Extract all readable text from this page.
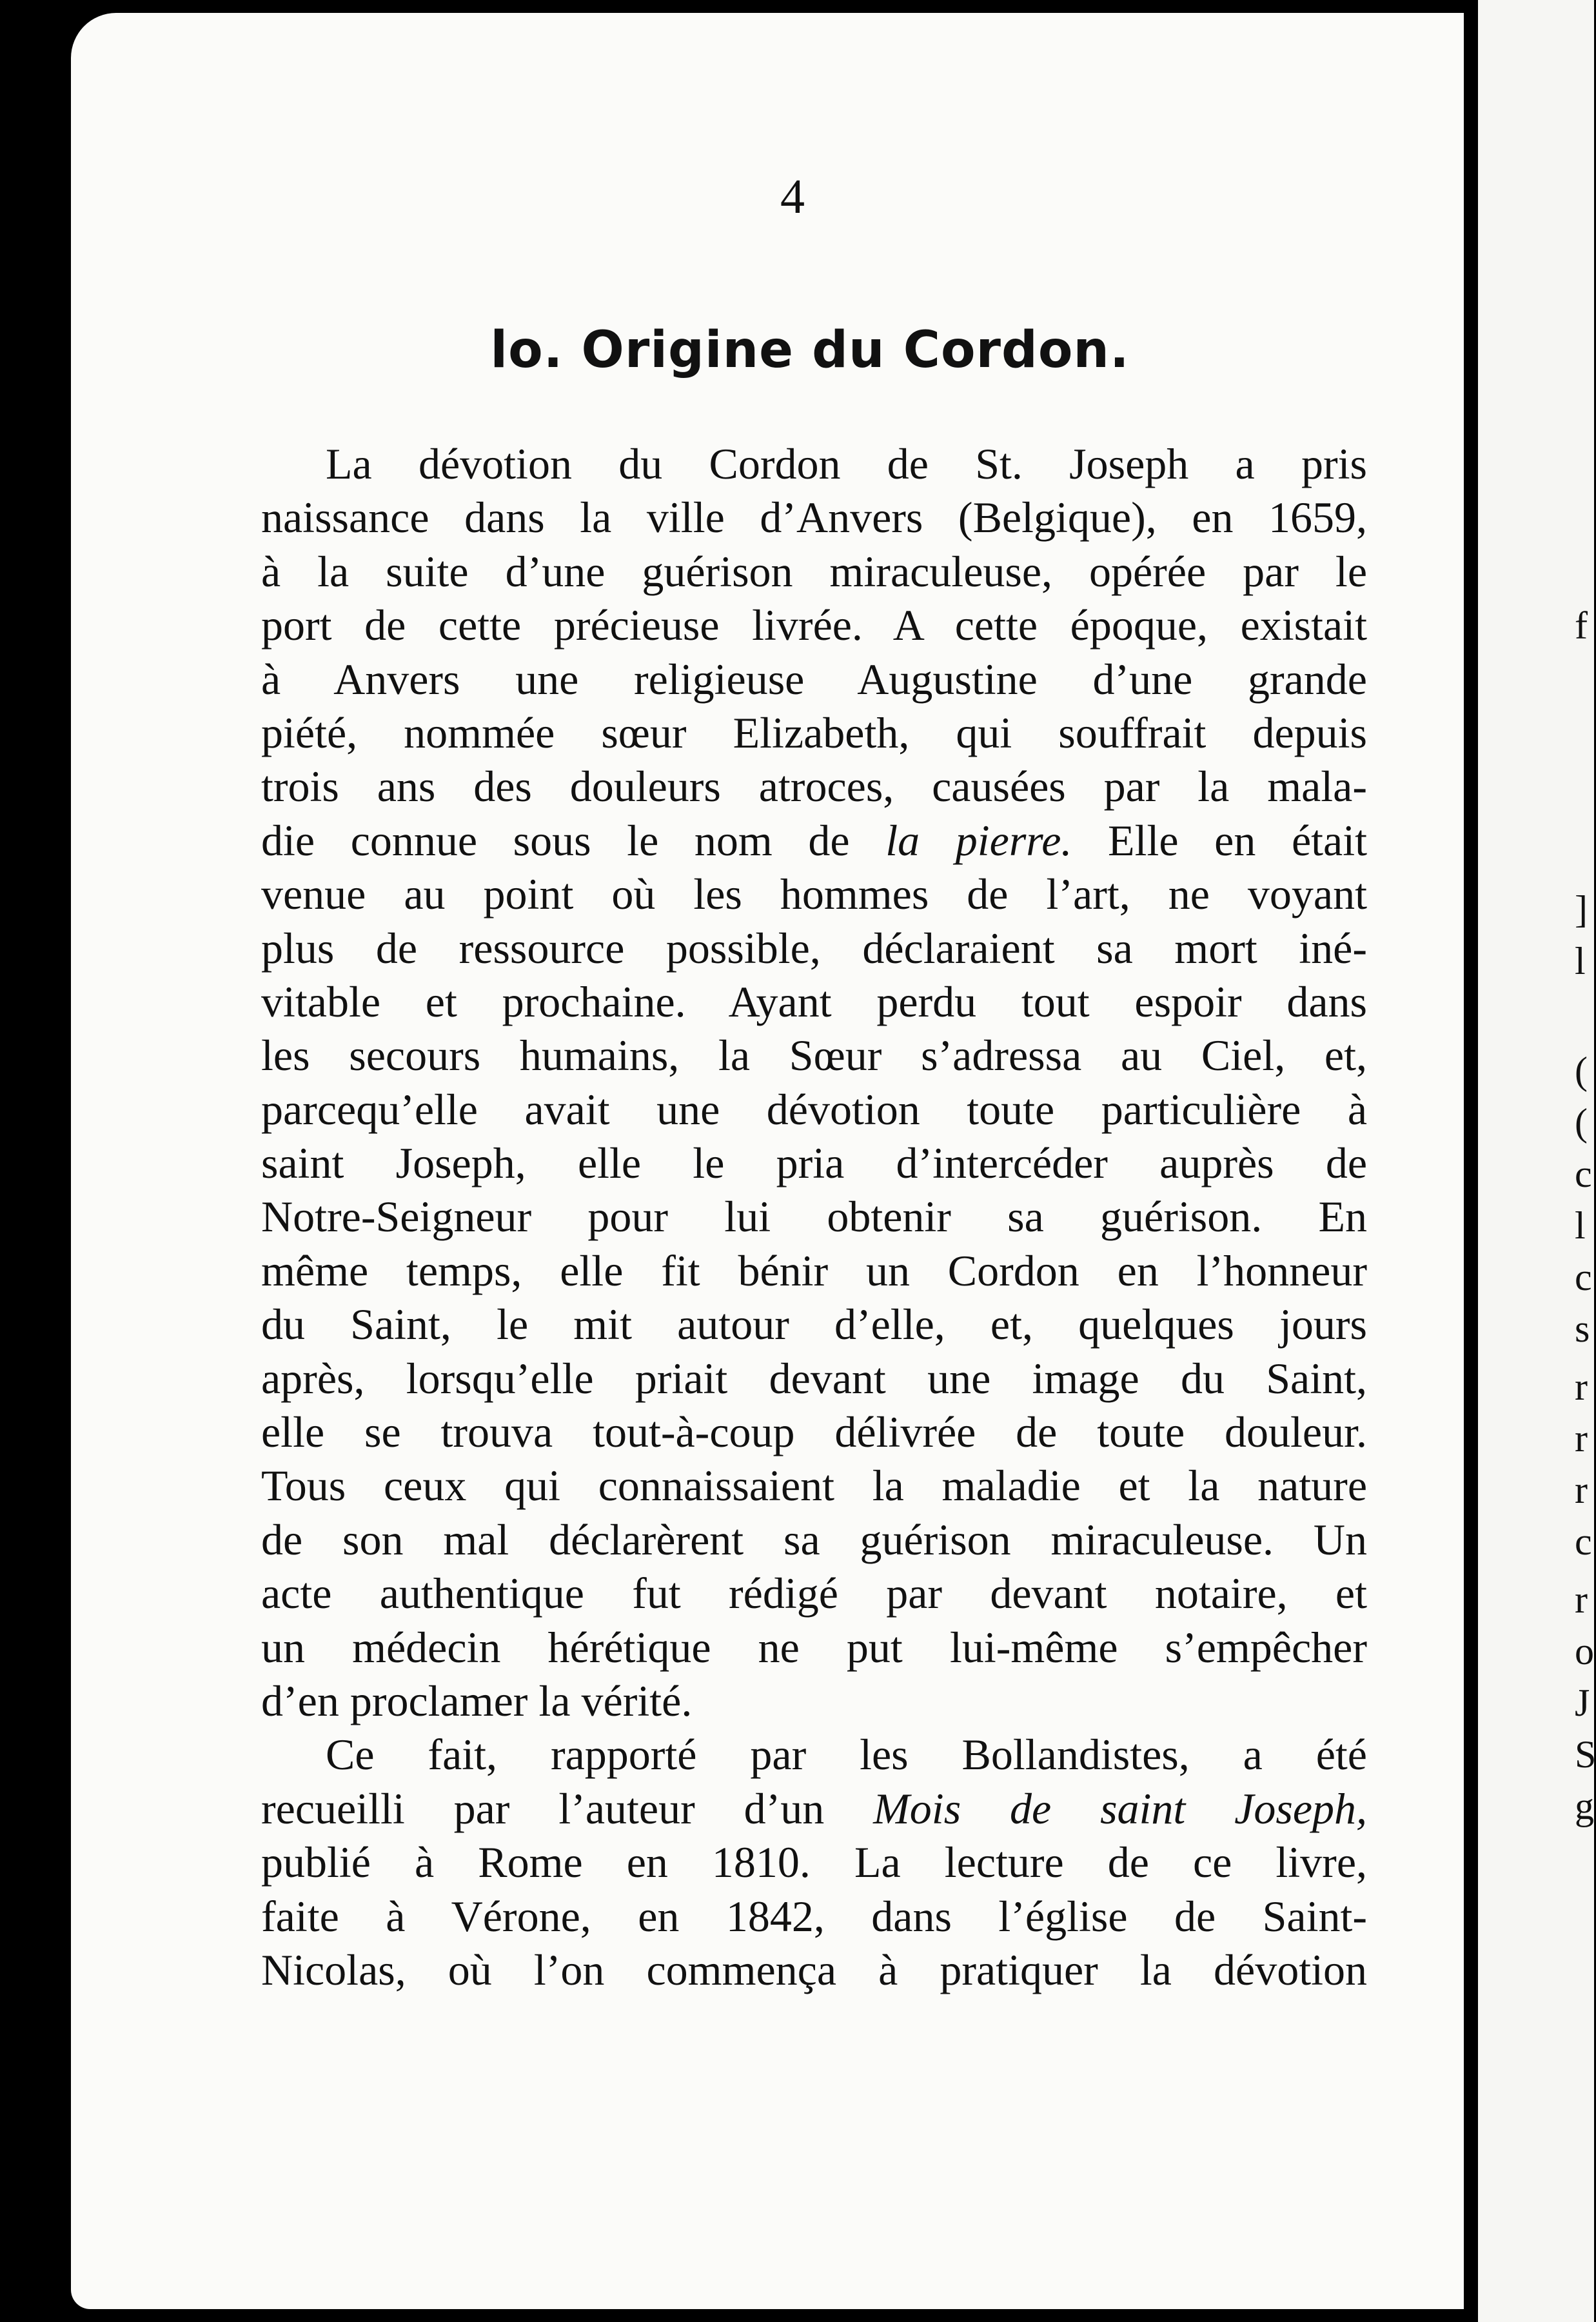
f
(
]
l
(
c
l
c
s
r
r
r
c
r
o
J
S
g
4
lo. Origine du Cordon.
La dévotion du Cordon de St. Joseph a pris
naissance dans la ville d’Anvers (Belgique), en 1659,
à la suite d’une guérison miraculeuse, opérée par le
port de cette précieuse livrée. A cette époque, existait
à Anvers une religieuse Augustine d’une grande
piété, nommée sœur Elizabeth, qui souffrait depuis
trois ans des douleurs atroces, causées par la mala-
die connue sous le nom de la pierre. Elle en était
venue au point où les hommes de l’art, ne voyant
plus de ressource possible, déclaraient sa mort iné-
vitable et prochaine. Ayant perdu tout espoir dans
les secours humains, la Sœur s’adressa au Ciel, et,
parcequ’elle avait une dévotion toute particulière à
saint Joseph, elle le pria d’intercéder auprès de
Notre-Seigneur pour lui obtenir sa guérison. En
même temps, elle fit bénir un Cordon en l’honneur
du Saint, le mit autour d’elle, et, quelques jours
après, lorsqu’elle priait devant une image du Saint,
elle se trouva tout-à-coup délivrée de toute douleur.
Tous ceux qui connaissaient la maladie et la nature
de son mal déclarèrent sa guérison miraculeuse. Un
acte authentique fut rédigé par devant notaire, et
un médecin hérétique ne put lui-même s’empêcher
d’en proclamer la vérité.
Ce fait, rapporté par les Bollandistes, a été
recueilli par l’auteur d’un Mois de saint Joseph,
publié à Rome en 1810. La lecture de ce livre,
faite à Vérone, en 1842, dans l’église de Saint-
Nicolas, où l’on commença à pratiquer la dévotion
